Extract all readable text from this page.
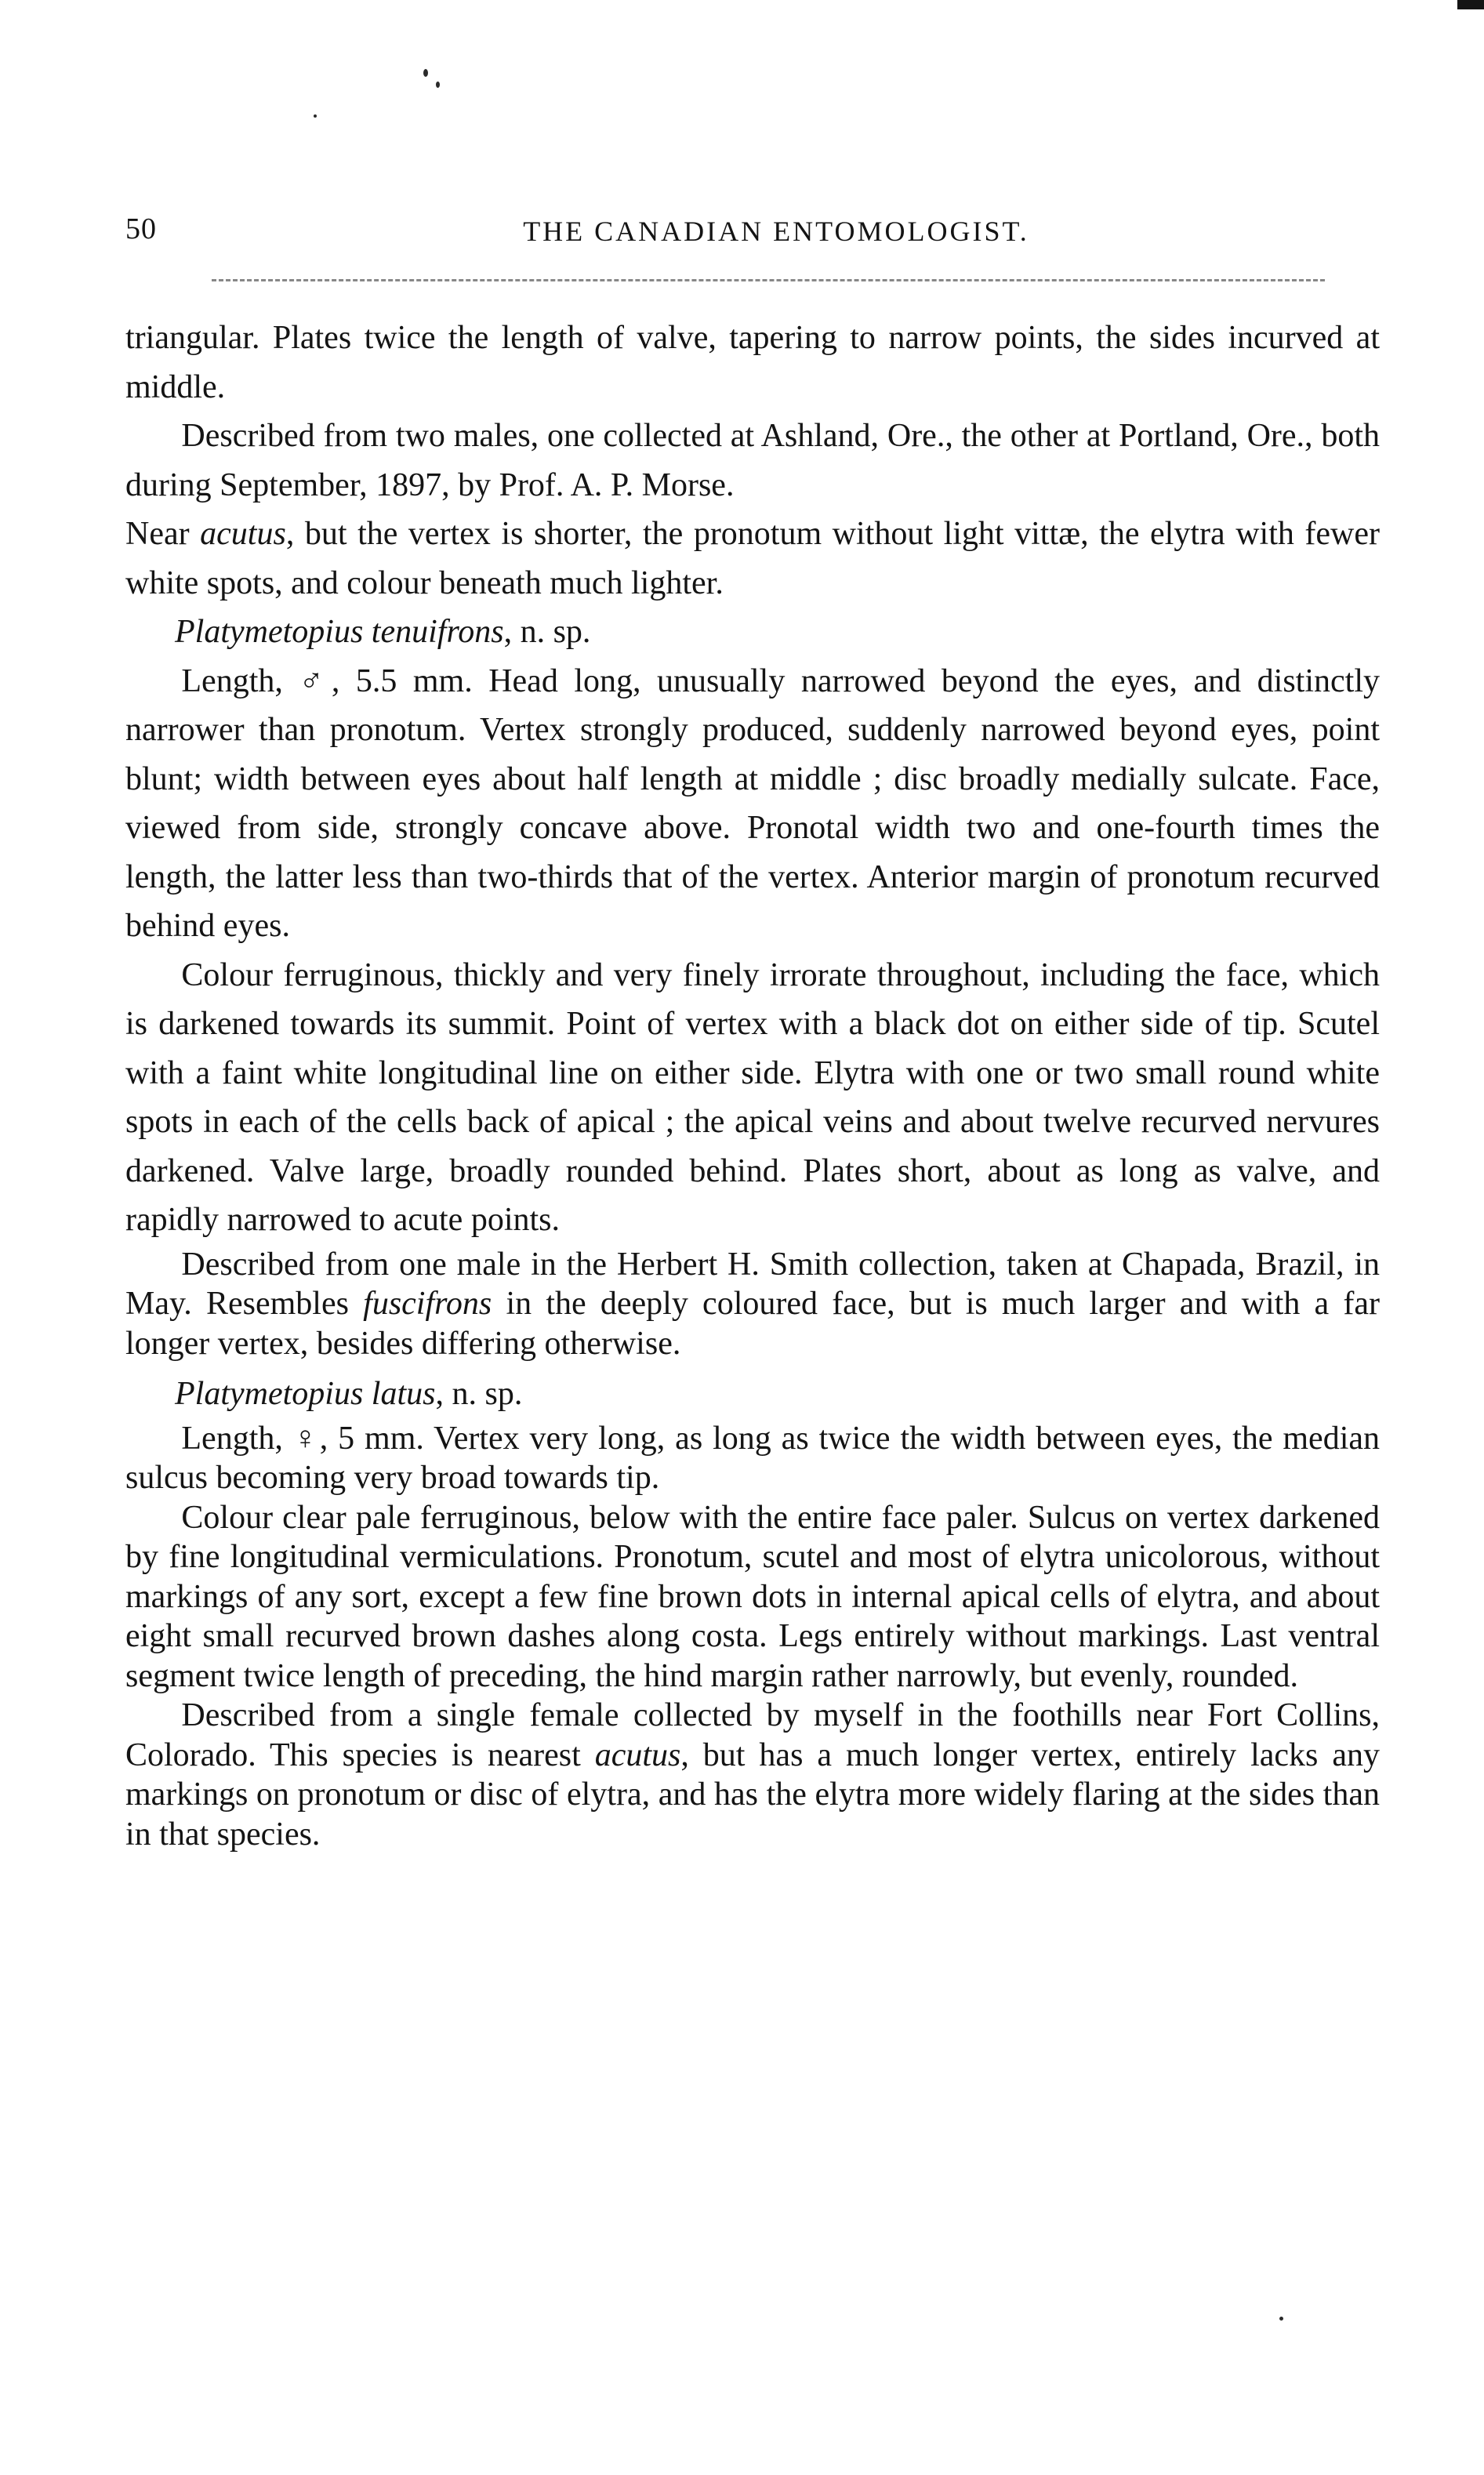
50	THE CANADIAN ENTOMOLOGIST.

triangular. Plates twice the length of valve, tapering to narrow points, the sides incurved at middle.

Described from two males, one collected at Ashland, Ore., the other at Portland, Ore., both during September, 1897, by Prof. A. P. Morse.

Near acutus, but the vertex is shorter, the pronotum without light vittæ, the elytra with fewer white spots, and colour beneath much lighter.

Platymetopius tenuifrons, n. sp.

Length, ♂, 5.5 mm. Head long, unusually narrowed beyond the eyes, and distinctly narrower than pronotum. Vertex strongly produced, suddenly narrowed beyond eyes, point blunt; width between eyes about half length at middle ; disc broadly medially sulcate. Face, viewed from side, strongly concave above. Pronotal width two and one-fourth times the length, the latter less than two-thirds that of the vertex. Anterior margin of pronotum recurved behind eyes.

Colour ferruginous, thickly and very finely irrorate throughout, including the face, which is darkened towards its summit. Point of vertex with a black dot on either side of tip. Scutel with a faint white longitudinal line on either side. Elytra with one or two small round white spots in each of the cells back of apical ; the apical veins and about twelve recurved nervures darkened. Valve large, broadly rounded behind. Plates short, about as long as valve, and rapidly narrowed to acute points.

Described from one male in the Herbert H. Smith collection, taken at Chapada, Brazil, in May. Resembles fuscifrons in the deeply coloured face, but is much larger and with a far longer vertex, besides differing otherwise.

Platymetopius latus, n. sp.

Length, ♀, 5 mm. Vertex very long, as long as twice the width between eyes, the median sulcus becoming very broad towards tip.

Colour clear pale ferruginous, below with the entire face paler. Sulcus on vertex darkened by fine longitudinal vermiculations. Pronotum, scutel and most of elytra unicolorous, without markings of any sort, except a few fine brown dots in internal apical cells of elytra, and about eight small recurved brown dashes along costa. Legs entirely without markings. Last ventral segment twice length of preceding, the hind margin rather narrowly, but evenly, rounded.

Described from a single female collected by myself in the foothills near Fort Collins, Colorado. This species is nearest acutus, but has a much longer vertex, entirely lacks any markings on pronotum or disc of elytra, and has the elytra more widely flaring at the sides than in that species.
